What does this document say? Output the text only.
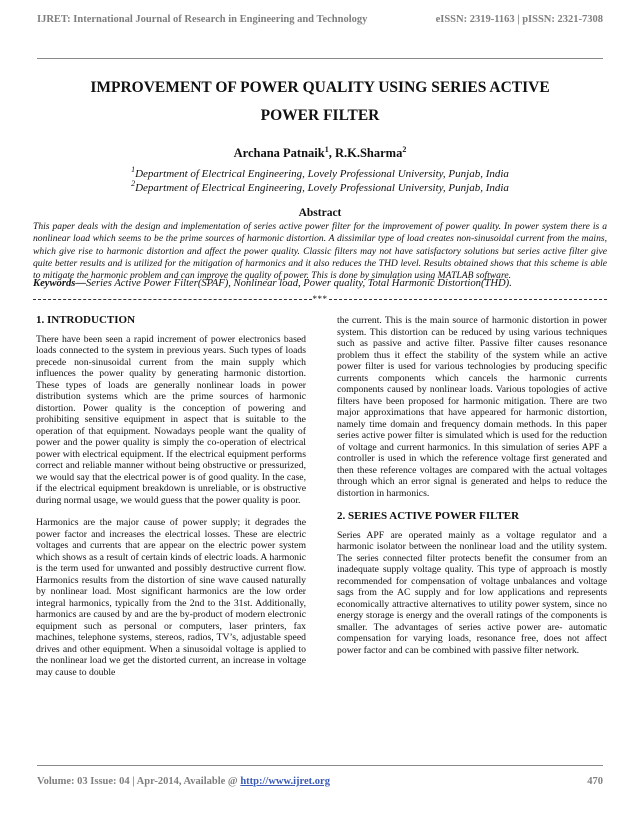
IJRET: International Journal of Research in Engineering and Technology	eISSN: 2319-1163 | pISSN: 2321-7308
IMPROVEMENT OF POWER QUALITY USING SERIES ACTIVE
POWER FILTER
Archana Patnaik$^1$, R.K.Sharma$^2$
$^1$Department of Electrical Engineering, Lovely Professional University, Punjab, India
$^2$Department of Electrical Engineering, Lovely Professional University, Punjab, India
Abstract
This paper deals with the design and implementation of series active power filter for the improvement of power quality. In power system there is a nonlinear load which seems to be the prime sources of harmonic distortion. A dissimilar type of load creates non-sinusoidal current from the mains, which give rise to harmonic distortion and affect the power quality. Classic filters may not have satisfactory solutions but series active filter give quite better results and is utilized for the mitigation of harmonics and it also reduces the THD level. Results obtained shows that this scheme is able to mitigate the harmonic problem and can improve the quality of power. This is done by simulation using MATLAB software.
Keywords—Series Active Power Filter(SPAF), Nonlinear load, Power quality, Total Harmonic Distortion(THD).
***
1. INTRODUCTION

There have been seen a rapid increment of power electronics based loads connected to the system in previous years. Such types of loads precede non-sinusoidal current from the main supply which influences the power quality by generating harmonic distortion. These types of loads are generally nonlinear loads in power distribution systems which are the prime sources of harmonic distortion. Power quality is the conception of powering and prohibiting sensitive equipment in aspect that is suitable to the operation of that equipment. Nowadays people want the quality of power and the power quality is simply the co-operation of electrical power with electrical equipment. If the electrical equipment performs correct and reliable manner without being obstructive or pressurized, we would say that the electrical power is of good quality. In the case, if the electrical equipment breakdown is unreliable, or is obstructive during normal usage, we would guess that the power quality is poor.

Harmonics are the major cause of power supply; it degrades the power factor and increases the electrical losses. These are electric voltages and currents that are appear on the electric power system which shows as a result of certain kinds of electric loads. A harmonic is the term used for unwanted and possibly destructive current flow. Harmonics results from the distortion of sine wave caused naturally by nonlinear load. Most significant harmonics are the low order integral harmonics, typically from the 2nd to the 31st. Additionally, harmonics are caused by and are the by-product of modern electronic equipment such as personal or computers, laser printers, fax machines, telephone systems, stereos, radios, TV’s, adjustable speed drives and other equipment. When a sinusoidal voltage is applied to the nonlinear load we get the distorted current, an increase in voltage may cause to double

the current. This is the main source of harmonic distortion in power system. This distortion can be reduced by using various techniques such as passive and active filter. Passive filter causes resonance problem thus it effect the stability of the system while an active power filter is used for various technologies by producing specific currents components which cancels the harmonic currents components caused by nonlinear loads. Various topologies of active filters have been proposed for harmonic mitigation. There are two major approximations that have appeared for harmonic distortion, namely time domain and frequency domain methods. In this paper series active power filter is simulated which is used for the reduction of voltage and current harmonics. In this simulation of series APF a controller is used in which the reference voltage first generated and then these reference voltages are compared with the actual voltages through which an error signal is generated and helps to reduce the distortion in harmonics.

2. SERIES ACTIVE POWER FILTER

Series APF are operated mainly as a voltage regulator and a harmonic isolator between the nonlinear load and the utility system. The series connected filter protects benefit the consumer from an inadequate supply voltage quality. This type of approach is mostly recommended for compensation of voltage unbalances and voltage sags from the AC supply and for low applications and represents economically attractive alternatives to utility power system, since no energy storage is energy and the overall ratings of the components is smaller. The advantages of series active power are- automatic compensation for varying loads, resonance free, does not affect power factor and can be combined with passive filter network.

Volume: 03 Issue: 04 | Apr-2014, Available @ http://www.ijret.org	470
